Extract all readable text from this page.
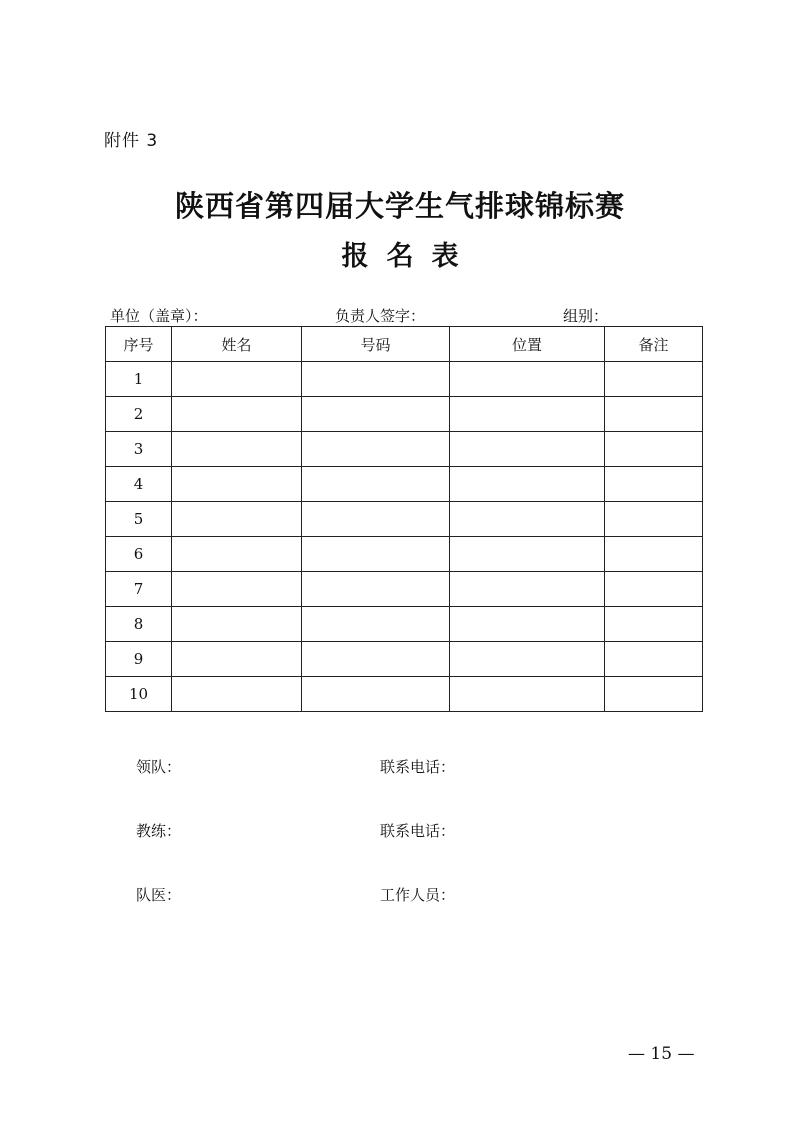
附件 3
陕西省第四届大学生气排球锦标赛
报名表
单位（盖章）：	负责人签字：	组别：
序号	姓名	号码	位置	备注
1				
2				
3				
4				
5				
6				
7				
8				
9				
10				
领队：	联系电话：
教练：	联系电话：
队医：	工作人员：
— 15 —
